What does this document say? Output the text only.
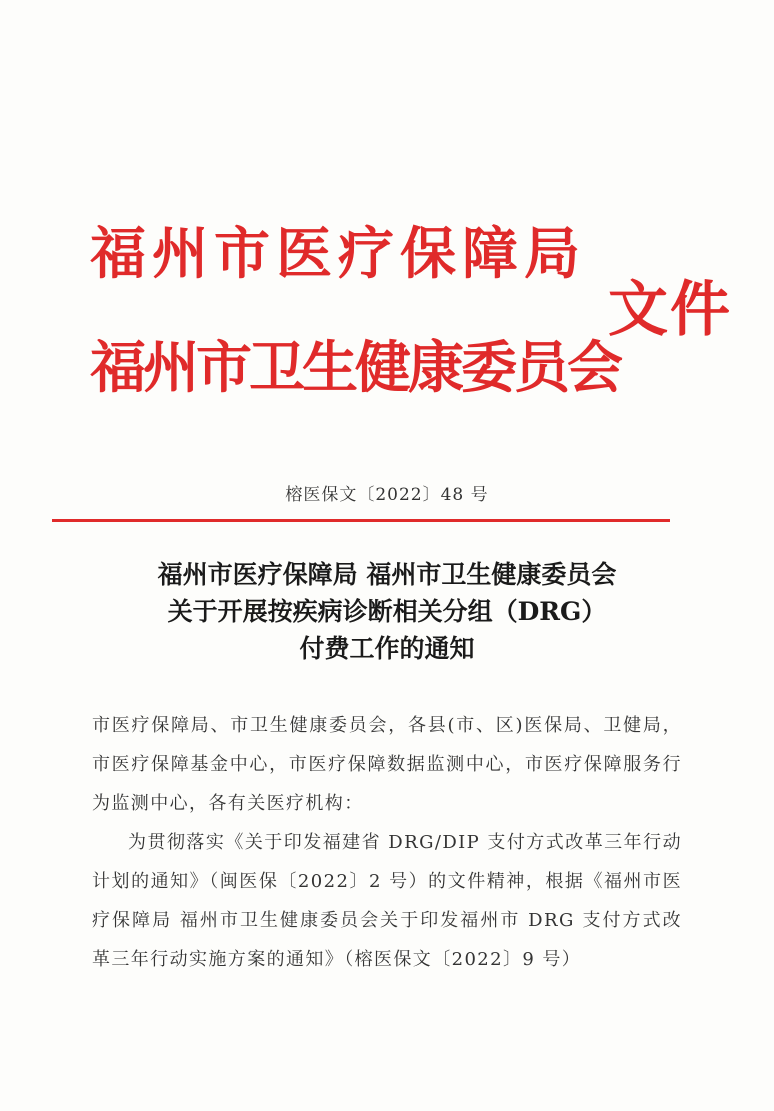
福州市医疗保障局
福州市卫生健康委员会
文件
榕医保文〔2022〕48 号
福州市医疗保障局 福州市卫生健康委员会
关于开展按疾病诊断相关分组（DRG）
付费工作的通知

市医疗保障局、市卫生健康委员会，各县(市、区)医保局、卫健局，市医疗保障基金中心，市医疗保障数据监测中心，市医疗保障服务行为监测中心，各有关医疗机构：

为贯彻落实《关于印发福建省 DRG/DIP 支付方式改革三年行动计划的通知》（闽医保〔2022〕2 号）的文件精神，根据《福州市医疗保障局 福州市卫生健康委员会关于印发福州市 DRG 支付方式改革三年行动实施方案的通知》（榕医保文〔2022〕9 号）
